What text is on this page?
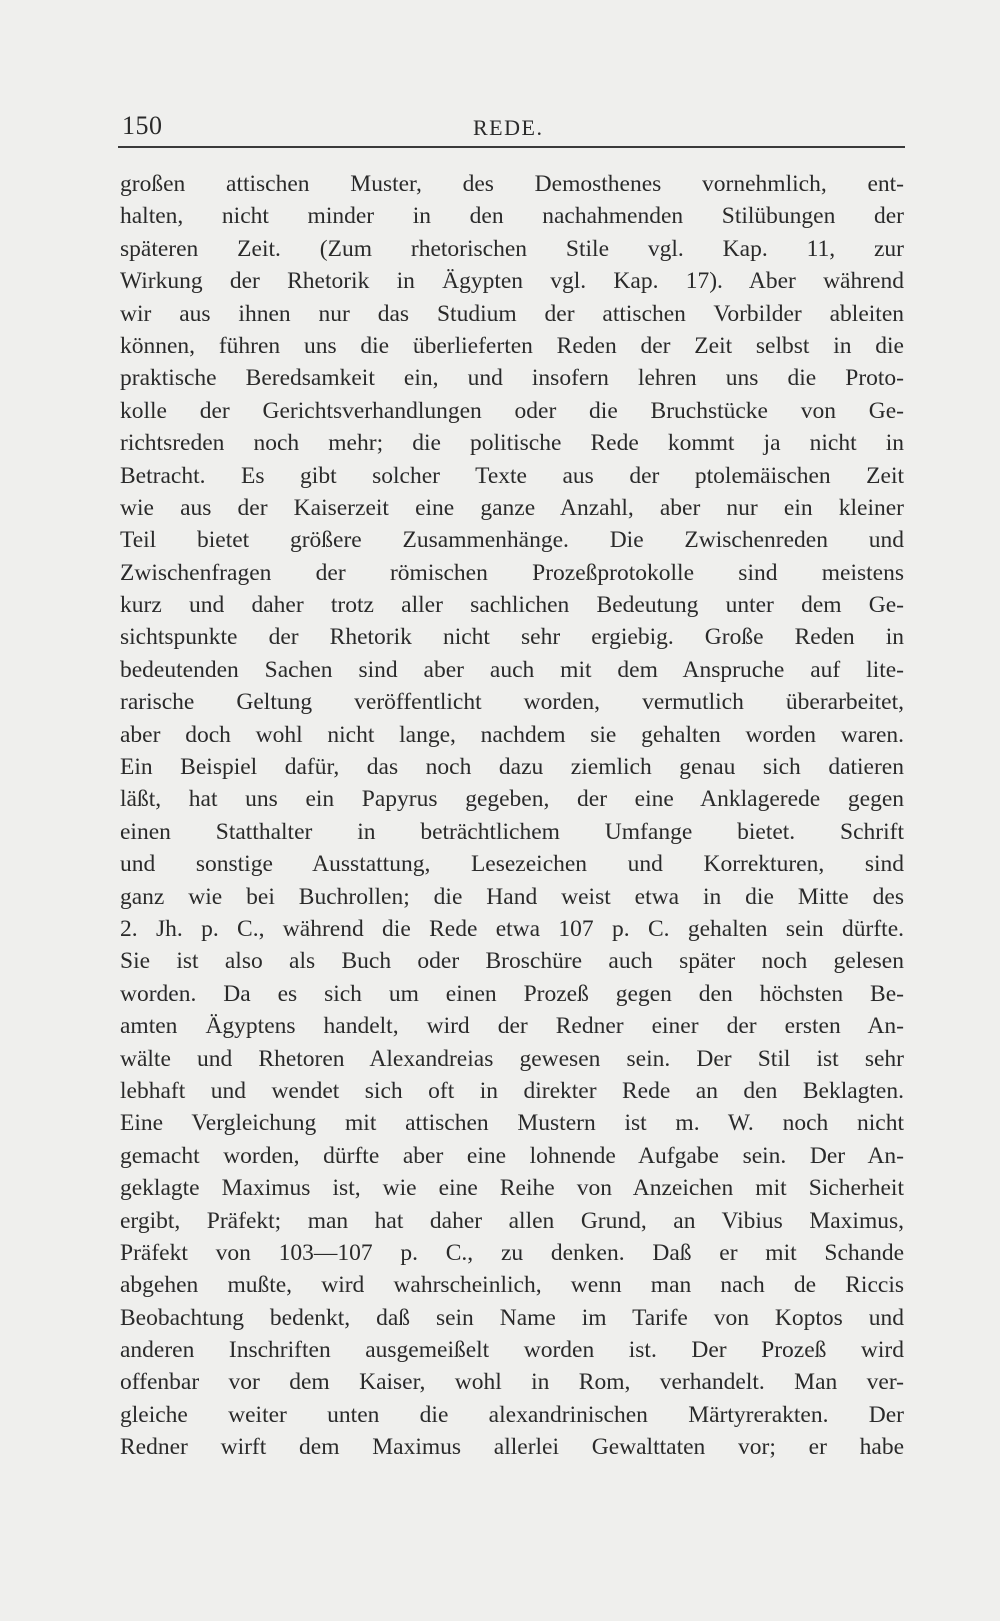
150	REDE.
großen attischen Muster, des Demosthenes vornehmlich, ent-
halten, nicht minder in den nachahmenden Stilübungen der
späteren Zeit. (Zum rhetorischen Stile vgl. Kap. 11, zur
Wirkung der Rhetorik in Ägypten vgl. Kap. 17). Aber während
wir aus ihnen nur das Studium der attischen Vorbilder ableiten
können, führen uns die überlieferten Reden der Zeit selbst in die
praktische Beredsamkeit ein, und insofern lehren uns die Proto-
kolle der Gerichtsverhandlungen oder die Bruchstücke von Ge-
richtsreden noch mehr; die politische Rede kommt ja nicht in
Betracht. Es gibt solcher Texte aus der ptolemäischen Zeit
wie aus der Kaiserzeit eine ganze Anzahl, aber nur ein kleiner
Teil bietet größere Zusammenhänge. Die Zwischenreden und
Zwischenfragen der römischen Prozeßprotokolle sind meistens
kurz und daher trotz aller sachlichen Bedeutung unter dem Ge-
sichtspunkte der Rhetorik nicht sehr ergiebig. Große Reden in
bedeutenden Sachen sind aber auch mit dem Anspruche auf lite-
rarische Geltung veröffentlicht worden, vermutlich überarbeitet,
aber doch wohl nicht lange, nachdem sie gehalten worden waren.
Ein Beispiel dafür, das noch dazu ziemlich genau sich datieren
läßt, hat uns ein Papyrus gegeben, der eine Anklagerede gegen
einen Statthalter in beträchtlichem Umfange bietet. Schrift
und sonstige Ausstattung, Lesezeichen und Korrekturen, sind
ganz wie bei Buchrollen; die Hand weist etwa in die Mitte des
2. Jh. p. C., während die Rede etwa 107 p. C. gehalten sein dürfte.
Sie ist also als Buch oder Broschüre auch später noch gelesen
worden. Da es sich um einen Prozeß gegen den höchsten Be-
amten Ägyptens handelt, wird der Redner einer der ersten An-
wälte und Rhetoren Alexandreias gewesen sein. Der Stil ist sehr
lebhaft und wendet sich oft in direkter Rede an den Beklagten.
Eine Vergleichung mit attischen Mustern ist m. W. noch nicht
gemacht worden, dürfte aber eine lohnende Aufgabe sein. Der An-
geklagte Maximus ist, wie eine Reihe von Anzeichen mit Sicherheit
ergibt, Präfekt; man hat daher allen Grund, an Vibius Maximus,
Präfekt von 103—107 p. C., zu denken. Daß er mit Schande
abgehen mußte, wird wahrscheinlich, wenn man nach de Riccis
Beobachtung bedenkt, daß sein Name im Tarife von Koptos und
anderen Inschriften ausgemeißelt worden ist. Der Prozeß wird
offenbar vor dem Kaiser, wohl in Rom, verhandelt. Man ver-
gleiche weiter unten die alexandrinischen Märtyrerakten. Der
Redner wirft dem Maximus allerlei Gewalttaten vor; er habe
